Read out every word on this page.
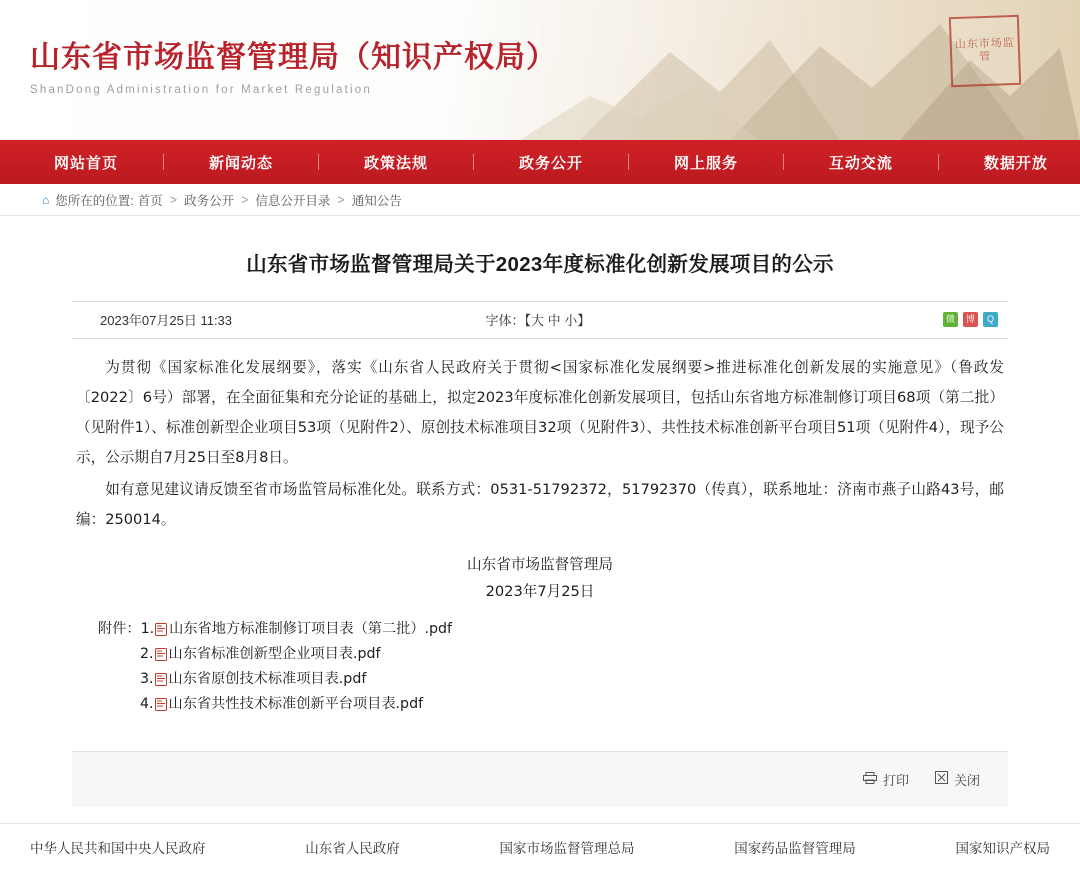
山东市场监管
山东省市场监督管理局（知识产权局）
ShanDong Administration for Market Regulation
网站首页	新闻动态	政策法规	政务公开	网上服务	互动交流	数据开放
⌂ 您所在的位置: 首页 > 政务公开 > 信息公开目录 > 通知公告
山东省市场监督管理局关于2023年度标准化创新发展项目的公示
2023年07月25日 11:33	字体：【大 中 小】	微	博	Q

为贯彻《国家标准化发展纲要》，落实《山东省人民政府关于贯彻<国家标准化发展纲要>推进标准化创新发展的实施意见》（鲁政发〔2022〕6号）部署，在全面征集和充分论证的基础上，拟定2023年度标准化创新发展项目，包括山东省地方标准制修订项目68项（第二批）（见附件1）、标准创新型企业项目53项（见附件2）、原创技术标准项目32项（见附件3）、共性技术标准创新平台项目51项（见附件4），现予公示，公示期自7月25日至8月8日。

如有意见建议请反馈至省市场监管局标准化处。联系方式：0531-51792372，51792370（传真），联系地址：济南市燕子山路43号，邮编：250014。

山东省市场监督管理局
2023年7月25日
附件： 1. 山东省地方标准制修订项目表（第二批）.pdf
2. 山东省标准创新型企业项目表.pdf
3. 山东省原创技术标准项目表.pdf
4. 山东省共性技术标准创新平台项目表.pdf
打印	关闭
中华人民共和国中央人民政府	山东省人民政府	国家市场监督管理总局	国家药品监督管理局	国家知识产权局
